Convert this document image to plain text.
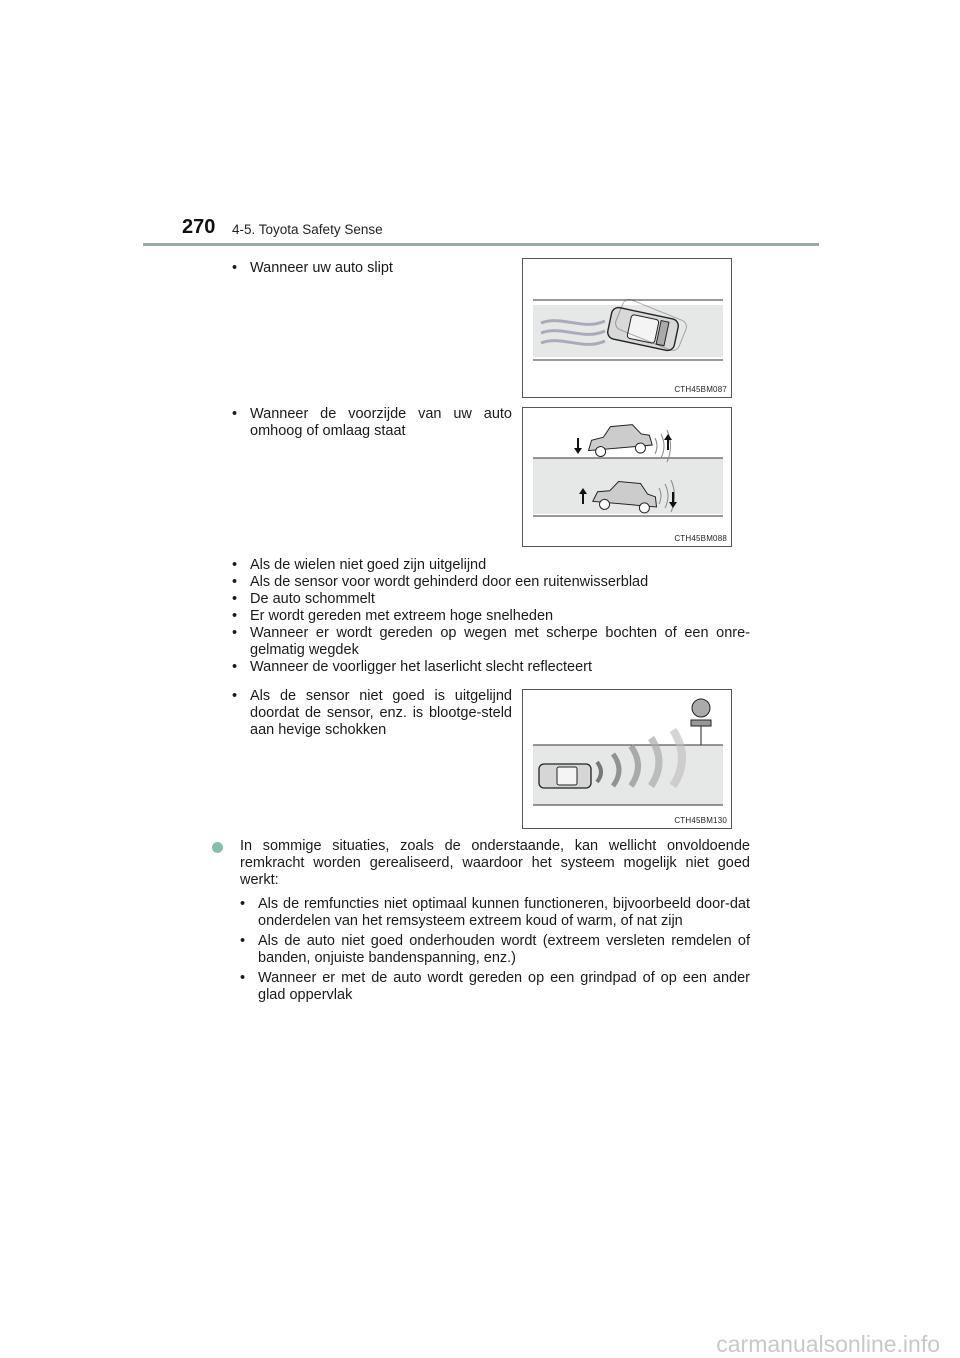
270 4-5. Toyota Safety Sense
• Wanneer uw auto slipt
CTH45BM087
• Wanneer de voorzijde van uw auto omhoog of omlaag staat
CTH45BM088
• Als de wielen niet goed zijn uitgelijnd
• Als de sensor voor wordt gehinderd door een ruitenwisserblad
• De auto schommelt
• Er wordt gereden met extreem hoge snelheden
• Wanneer er wordt gereden op wegen met scherpe bochten of een onre-gelmatig wegdek
• Wanneer de voorligger het laserlicht slecht reflecteert
• Als de sensor niet goed is uitgelijnd doordat de sensor, enz. is blootge-steld aan hevige schokken
CTH45BM130
In sommige situaties, zoals de onderstaande, kan wellicht onvoldoende remkracht worden gerealiseerd, waardoor het systeem mogelijk niet goed werkt:
• Als de remfuncties niet optimaal kunnen functioneren, bijvoorbeeld door-dat onderdelen van het remsysteem extreem koud of warm, of nat zijn
• Als de auto niet goed onderhouden wordt (extreem versleten remdelen of banden, onjuiste bandenspanning, enz.)
• Wanneer er met de auto wordt gereden op een grindpad of op een ander glad oppervlak
carmanualsonline.info
